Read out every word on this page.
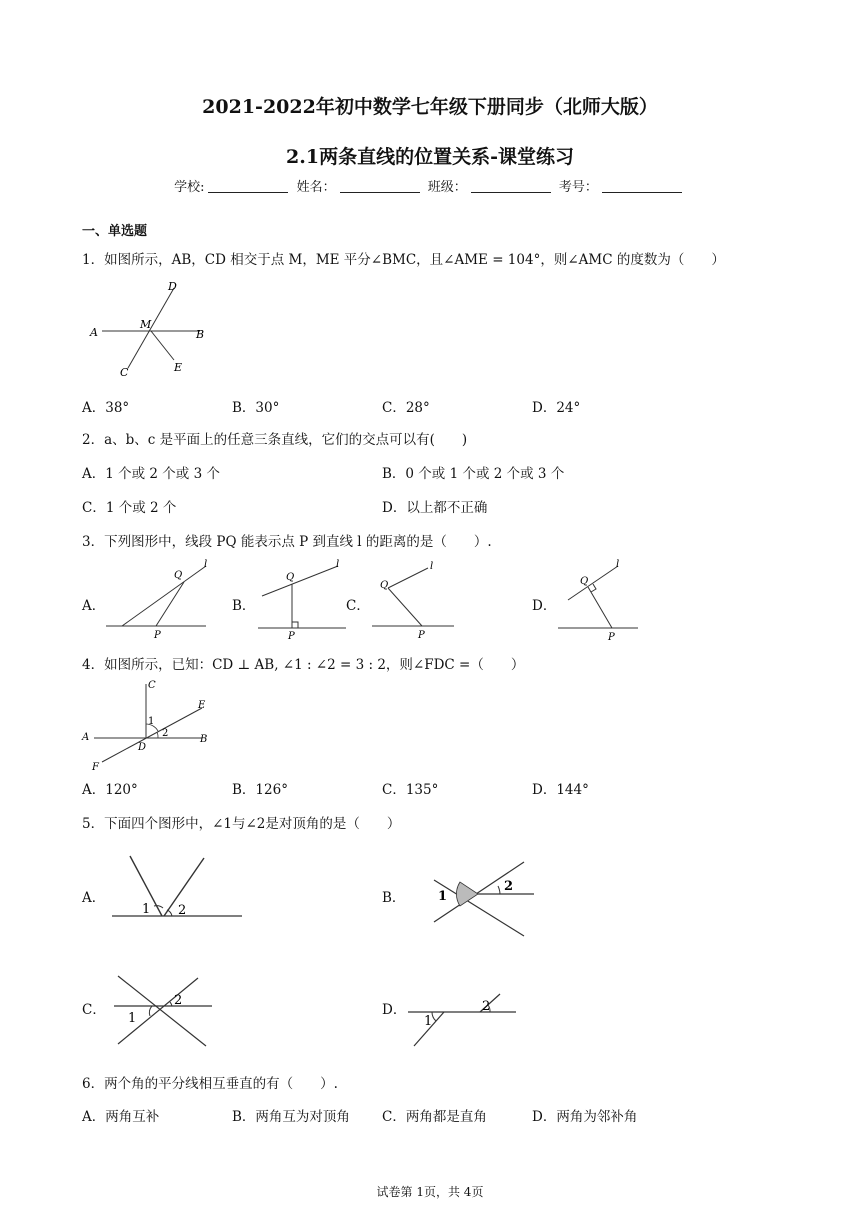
2021-2022年初中数学七年级下册同步（北师大版）
2.1两条直线的位置关系-课堂练习
学校:	姓名：	班级：	考号：
一、单选题
1．如图所示，AB，CD 相交于点 M，ME 平分∠BMC，且∠AME = 104°，则∠AMC 的度数为（　　）
D
A
M
B
C	E
A．38°	B．30°	C．28°	D．24°
2．a、b、c 是平面上的任意三条直线，它们的交点可以有(　　)
A．1 个或 2 个或 3 个	B．0 个或 1 个或 2 个或 3 个
C．1 个或 2 个	D．以上都不正确
3．下列图形中，线段 PQ 能表示点 P 到直线 l 的距离的是（　　）.
A．
Q
l
P
B．
Q
l
P
C．
Q
l
P
D．
Q
l
P
4．如图所示，已知：CD ⊥ AB, ∠1 : ∠2 = 3 : 2，则∠FDC =（　　）
C
E
1
2
A
D
B
F
A．120°	B．126°	C．135°	D．144°
5．下面四个图形中，∠1与∠2是对顶角的是（　　）
A．
1 2
B．	1
2
C．
1
2
D．
1
2
6．两个角的平分线相互垂直的有（　　）.
A．两角互补	B．两角互为对顶角 C．两角都是直角	D．两角为邻补角
试卷第 1页，共 4页
